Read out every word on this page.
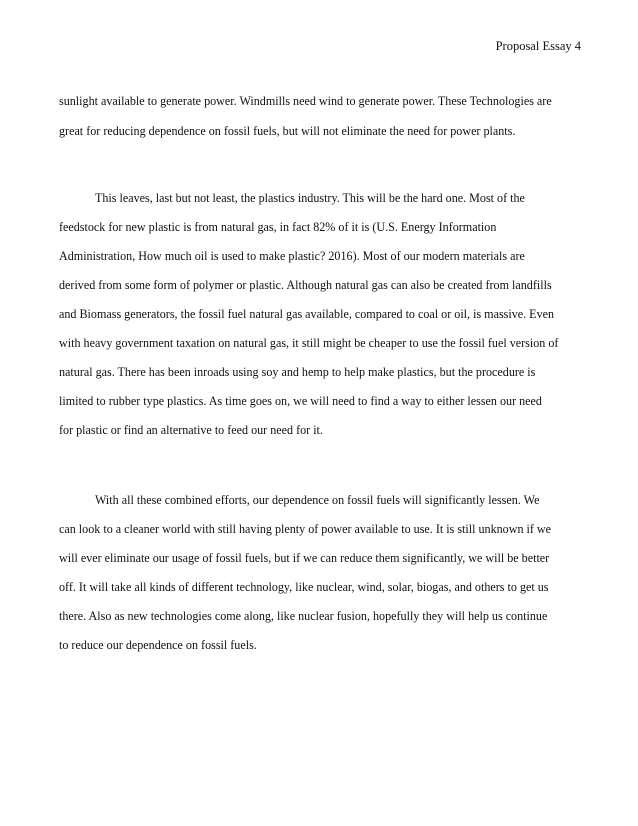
Proposal Essay 4
sunlight available to generate power. Windmills need wind to generate power. These Technologies are
great for reducing dependence on fossil fuels, but will not eliminate the need for power plants.
This leaves, last but not least, the plastics industry. This will be the hard one. Most of the
feedstock for new plastic is from natural gas, in fact 82% of it is (U.S. Energy Information
Administration, How much oil is used to make plastic? 2016). Most of our modern materials are
derived from some form of polymer or plastic. Although natural gas can also be created from landfills
and Biomass generators, the fossil fuel natural gas available, compared to coal or oil, is massive. Even
with heavy government taxation on natural gas, it still might be cheaper to use the fossil fuel version of
natural gas. There has been inroads using soy and hemp to help make plastics, but the procedure is
limited to rubber type plastics. As time goes on, we will need to find a way to either lessen our need
for plastic or find an alternative to feed our need for it.
With all these combined efforts, our dependence on fossil fuels will significantly lessen. We
can look to a cleaner world with still having plenty of power available to use. It is still unknown if we
will ever eliminate our usage of fossil fuels, but if we can reduce them significantly, we will be better
off. It will take all kinds of different technology, like nuclear, wind, solar, biogas, and others to get us
there. Also as new technologies come along, like nuclear fusion, hopefully they will help us continue
to reduce our dependence on fossil fuels.
